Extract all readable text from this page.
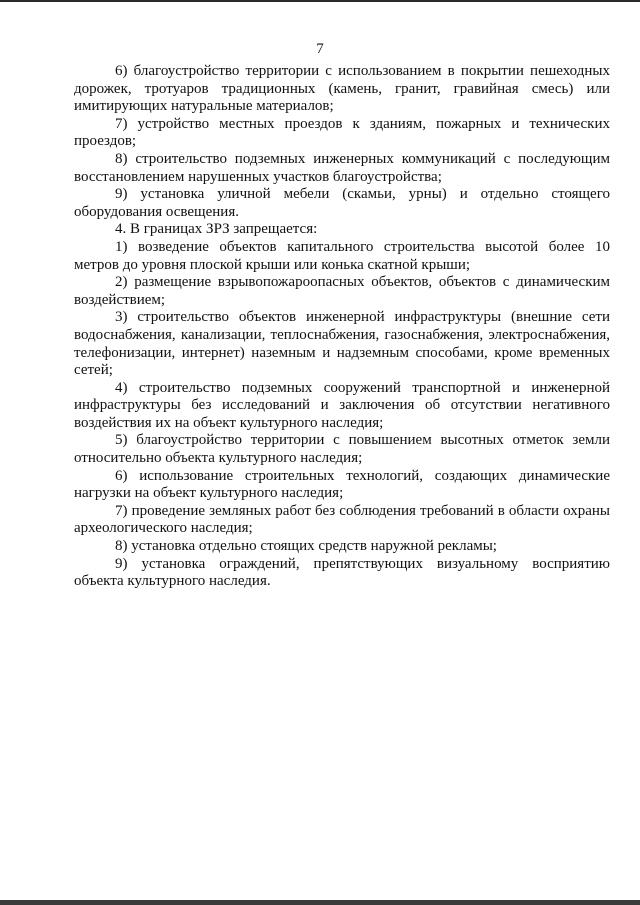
7

6) благоустройство территории с использованием в покрытии пешеходных дорожек, тротуаров традиционных (камень, гранит, гравийная смесь) или имитирующих натуральные материалов;

7) устройство местных проездов к зданиям, пожарных и технических проездов;

8) строительство подземных инженерных коммуникаций с последующим восстановлением нарушенных участков благоустройства;

9) установка уличной мебели (скамьи, урны) и отдельно стоящего оборудования освещения.

4. В границах ЗРЗ запрещается:

1) возведение объектов капитального строительства высотой более 10 метров до уровня плоской крыши или конька скатной крыши;

2) размещение взрывопожароопасных объектов, объектов с динамическим воздействием;

3) строительство объектов инженерной инфраструктуры (внешние сети водоснабжения, канализации, теплоснабжения, газоснабжения, электроснабжения, телефонизации, интернет) наземным и надземным способами, кроме временных сетей;

4) строительство подземных сооружений транспортной и инженерной инфраструктуры без исследований и заключения об отсутствии негативного воздействия их на объект культурного наследия;

5) благоустройство территории с повышением высотных отметок земли относительно объекта культурного наследия;

6) использование строительных технологий, создающих динамические нагрузки на объект культурного наследия;

7) проведение земляных работ без соблюдения требований в области охраны археологического наследия;

8) установка отдельно стоящих средств наружной рекламы;

9) установка ограждений, препятствующих визуальному восприятию объекта культурного наследия.
